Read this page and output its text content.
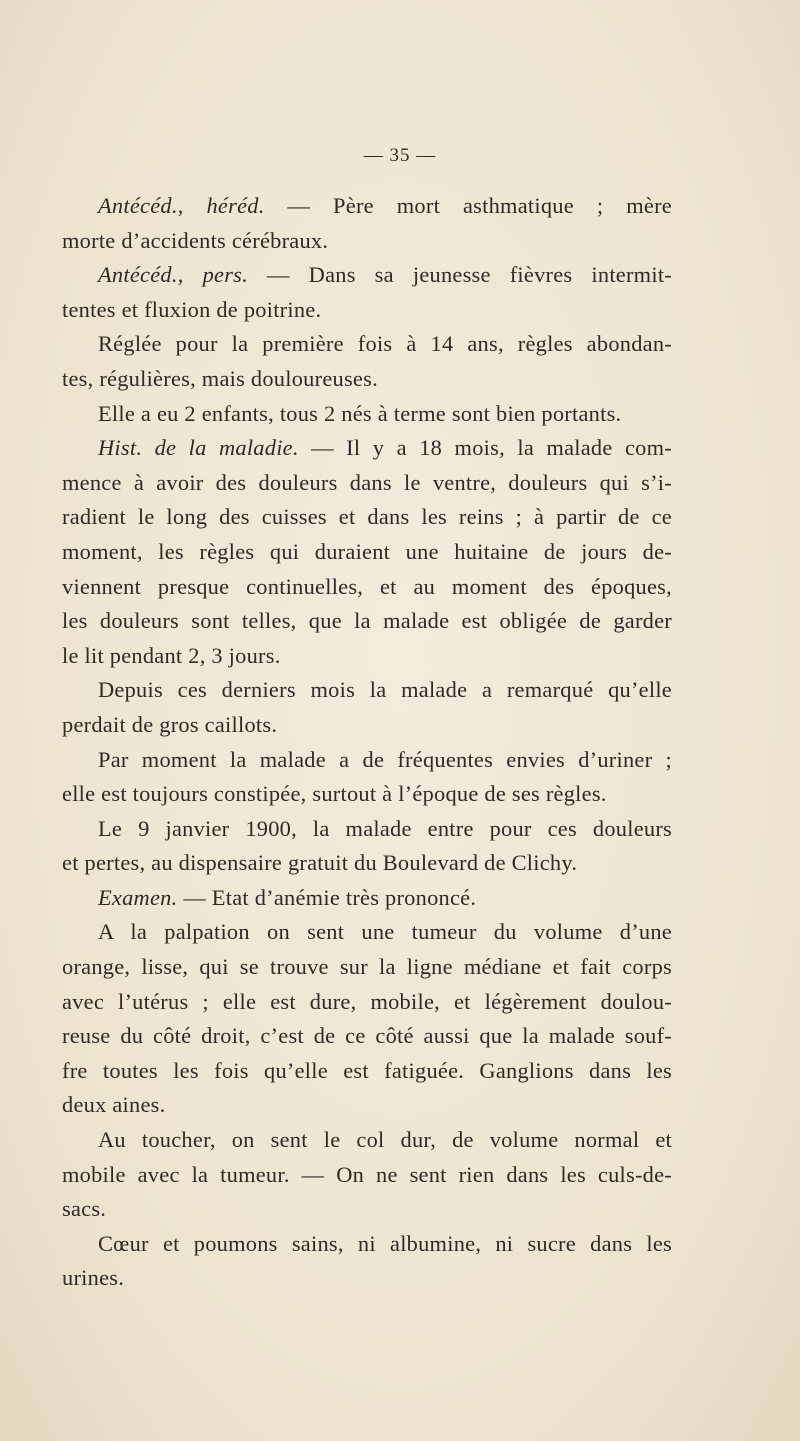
— 35 —
Antécéd., héréd. — Père mort asthmatique ; mère
morte d’accidents cérébraux.
Antécéd., pers. — Dans sa jeunesse fièvres intermit-
tentes et fluxion de poitrine.
Réglée pour la première fois à 14 ans, règles abondan-
tes, régulières, mais douloureuses.
Elle a eu 2 enfants, tous 2 nés à terme sont bien portants.
Hist. de la maladie. — Il y a 18 mois, la malade com-
mence à avoir des douleurs dans le ventre, douleurs qui s’i-
radient le long des cuisses et dans les reins ; à partir de ce
moment, les règles qui duraient une huitaine de jours de-
viennent presque continuelles, et au moment des époques,
les douleurs sont telles, que la malade est obligée de garder
le lit pendant 2, 3 jours.
Depuis ces derniers mois la malade a remarqué qu’elle
perdait de gros caillots.
Par moment la malade a de fréquentes envies d’uriner ;
elle est toujours constipée, surtout à l’époque de ses règles.
Le 9 janvier 1900, la malade entre pour ces douleurs
et pertes, au dispensaire gratuit du Boulevard de Clichy.
Examen. — Etat d’anémie très prononcé.
A la palpation on sent une tumeur du volume d’une
orange, lisse, qui se trouve sur la ligne médiane et fait corps
avec l’utérus ; elle est dure, mobile, et légèrement doulou-
reuse du côté droit, c’est de ce côté aussi que la malade souf-
fre toutes les fois qu’elle est fatiguée. Ganglions dans les
deux aines.
Au toucher, on sent le col dur, de volume normal et
mobile avec la tumeur. — On ne sent rien dans les culs-de-
sacs.
Cœur et poumons sains, ni albumine, ni sucre dans les
urines.
